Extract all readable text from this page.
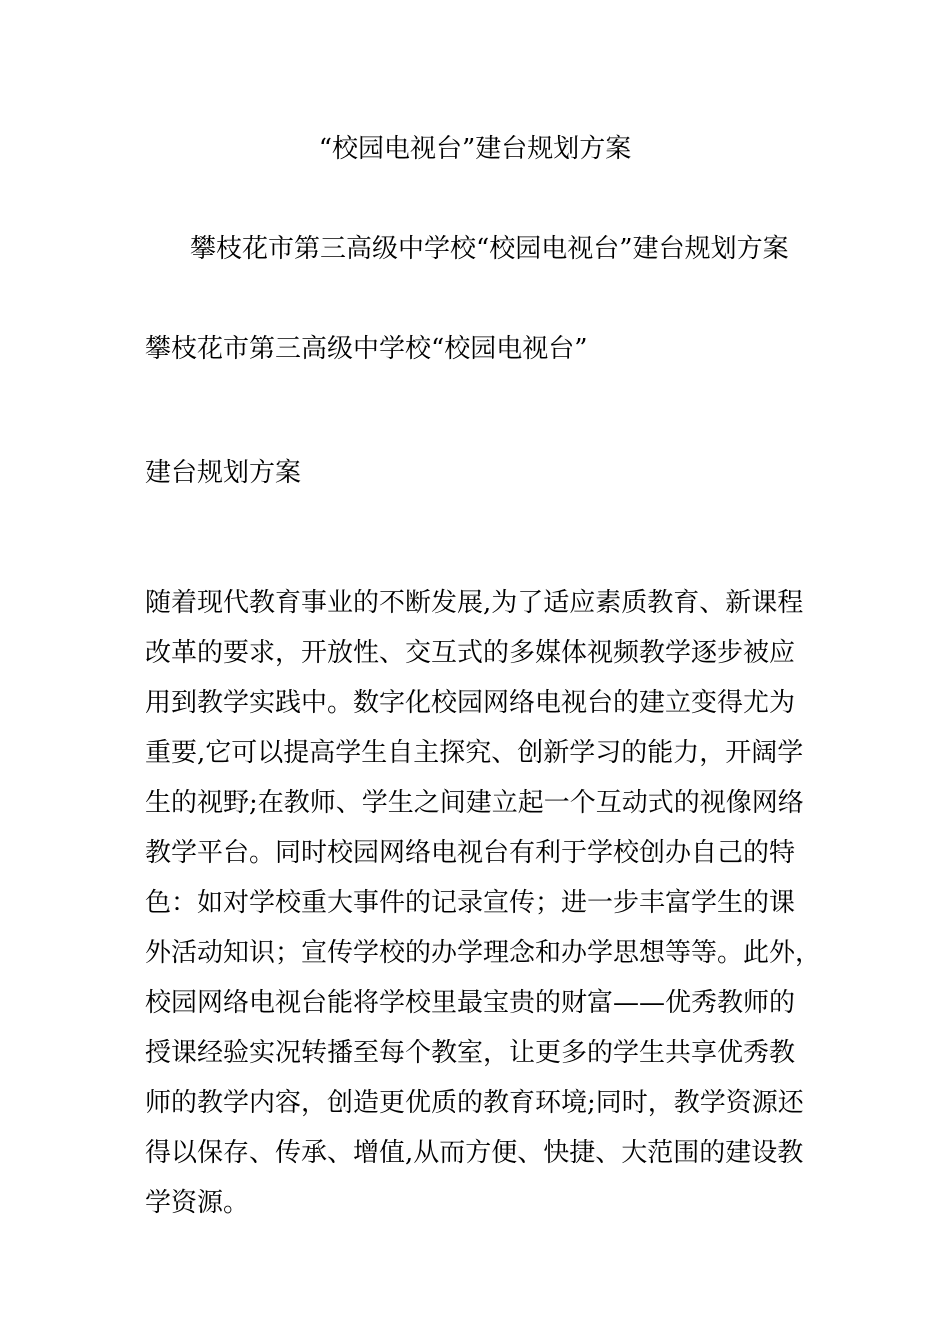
“校园电视台”建台规划方案
攀枝花市第三高级中学校“校园电视台”建台规划方案
攀枝花市第三高级中学校“校园电视台”
建台规划方案
随着现代教育事业的不断发展,为了适应素质教育、新课程
改革的要求，开放性、交互式的多媒体视频教学逐步被应
用到教学实践中。数字化校园网络电视台的建立变得尤为
重要,它可以提高学生自主探究、创新学习的能力，开阔学
生的视野;在教师、学生之间建立起一个互动式的视像网络
教学平台。同时校园网络电视台有利于学校创办自己的特
色：如对学校重大事件的记录宣传；进一步丰富学生的课
外活动知识；宣传学校的办学理念和办学思想等等。此外，
校园网络电视台能将学校里最宝贵的财富——优秀教师的
授课经验实况转播至每个教室，让更多的学生共享优秀教
师的教学内容，创造更优质的教育环境;同时，教学资源还
得以保存、传承、增值,从而方便、快捷、大范围的建设教
学资源。
